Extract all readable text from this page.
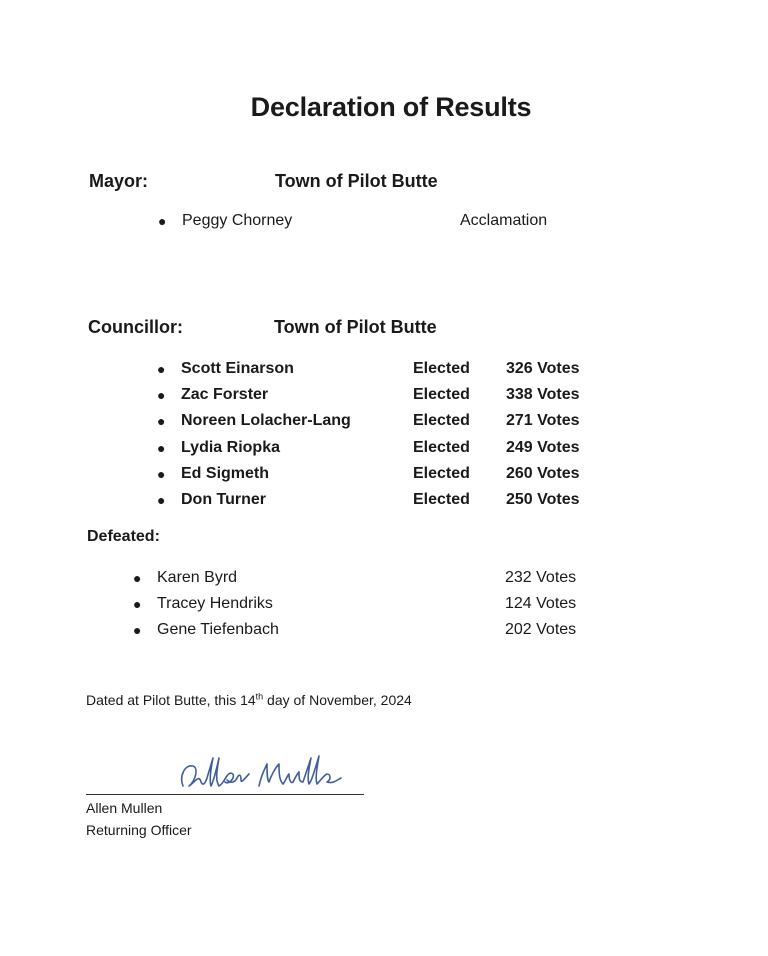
Declaration of Results
Mayor:	Town of Pilot Butte
● Peggy Chorney	Acclamation
Councillor:	Town of Pilot Butte
● Scott Einarson	Elected 326 Votes
● Zac Forster	Elected 338 Votes
● Noreen Lolacher-Lang	Elected 271 Votes
● Lydia Riopka	Elected 249 Votes
● Ed Sigmeth	Elected 260 Votes
● Don Turner	Elected 250 Votes
Defeated:
● Karen Byrd	232 Votes
● Tracey Hendriks	124 Votes
● Gene Tiefenbach	202 Votes
Dated at Pilot Butte, this 14th day of November, 2024
Allen Mullen
Returning Officer
